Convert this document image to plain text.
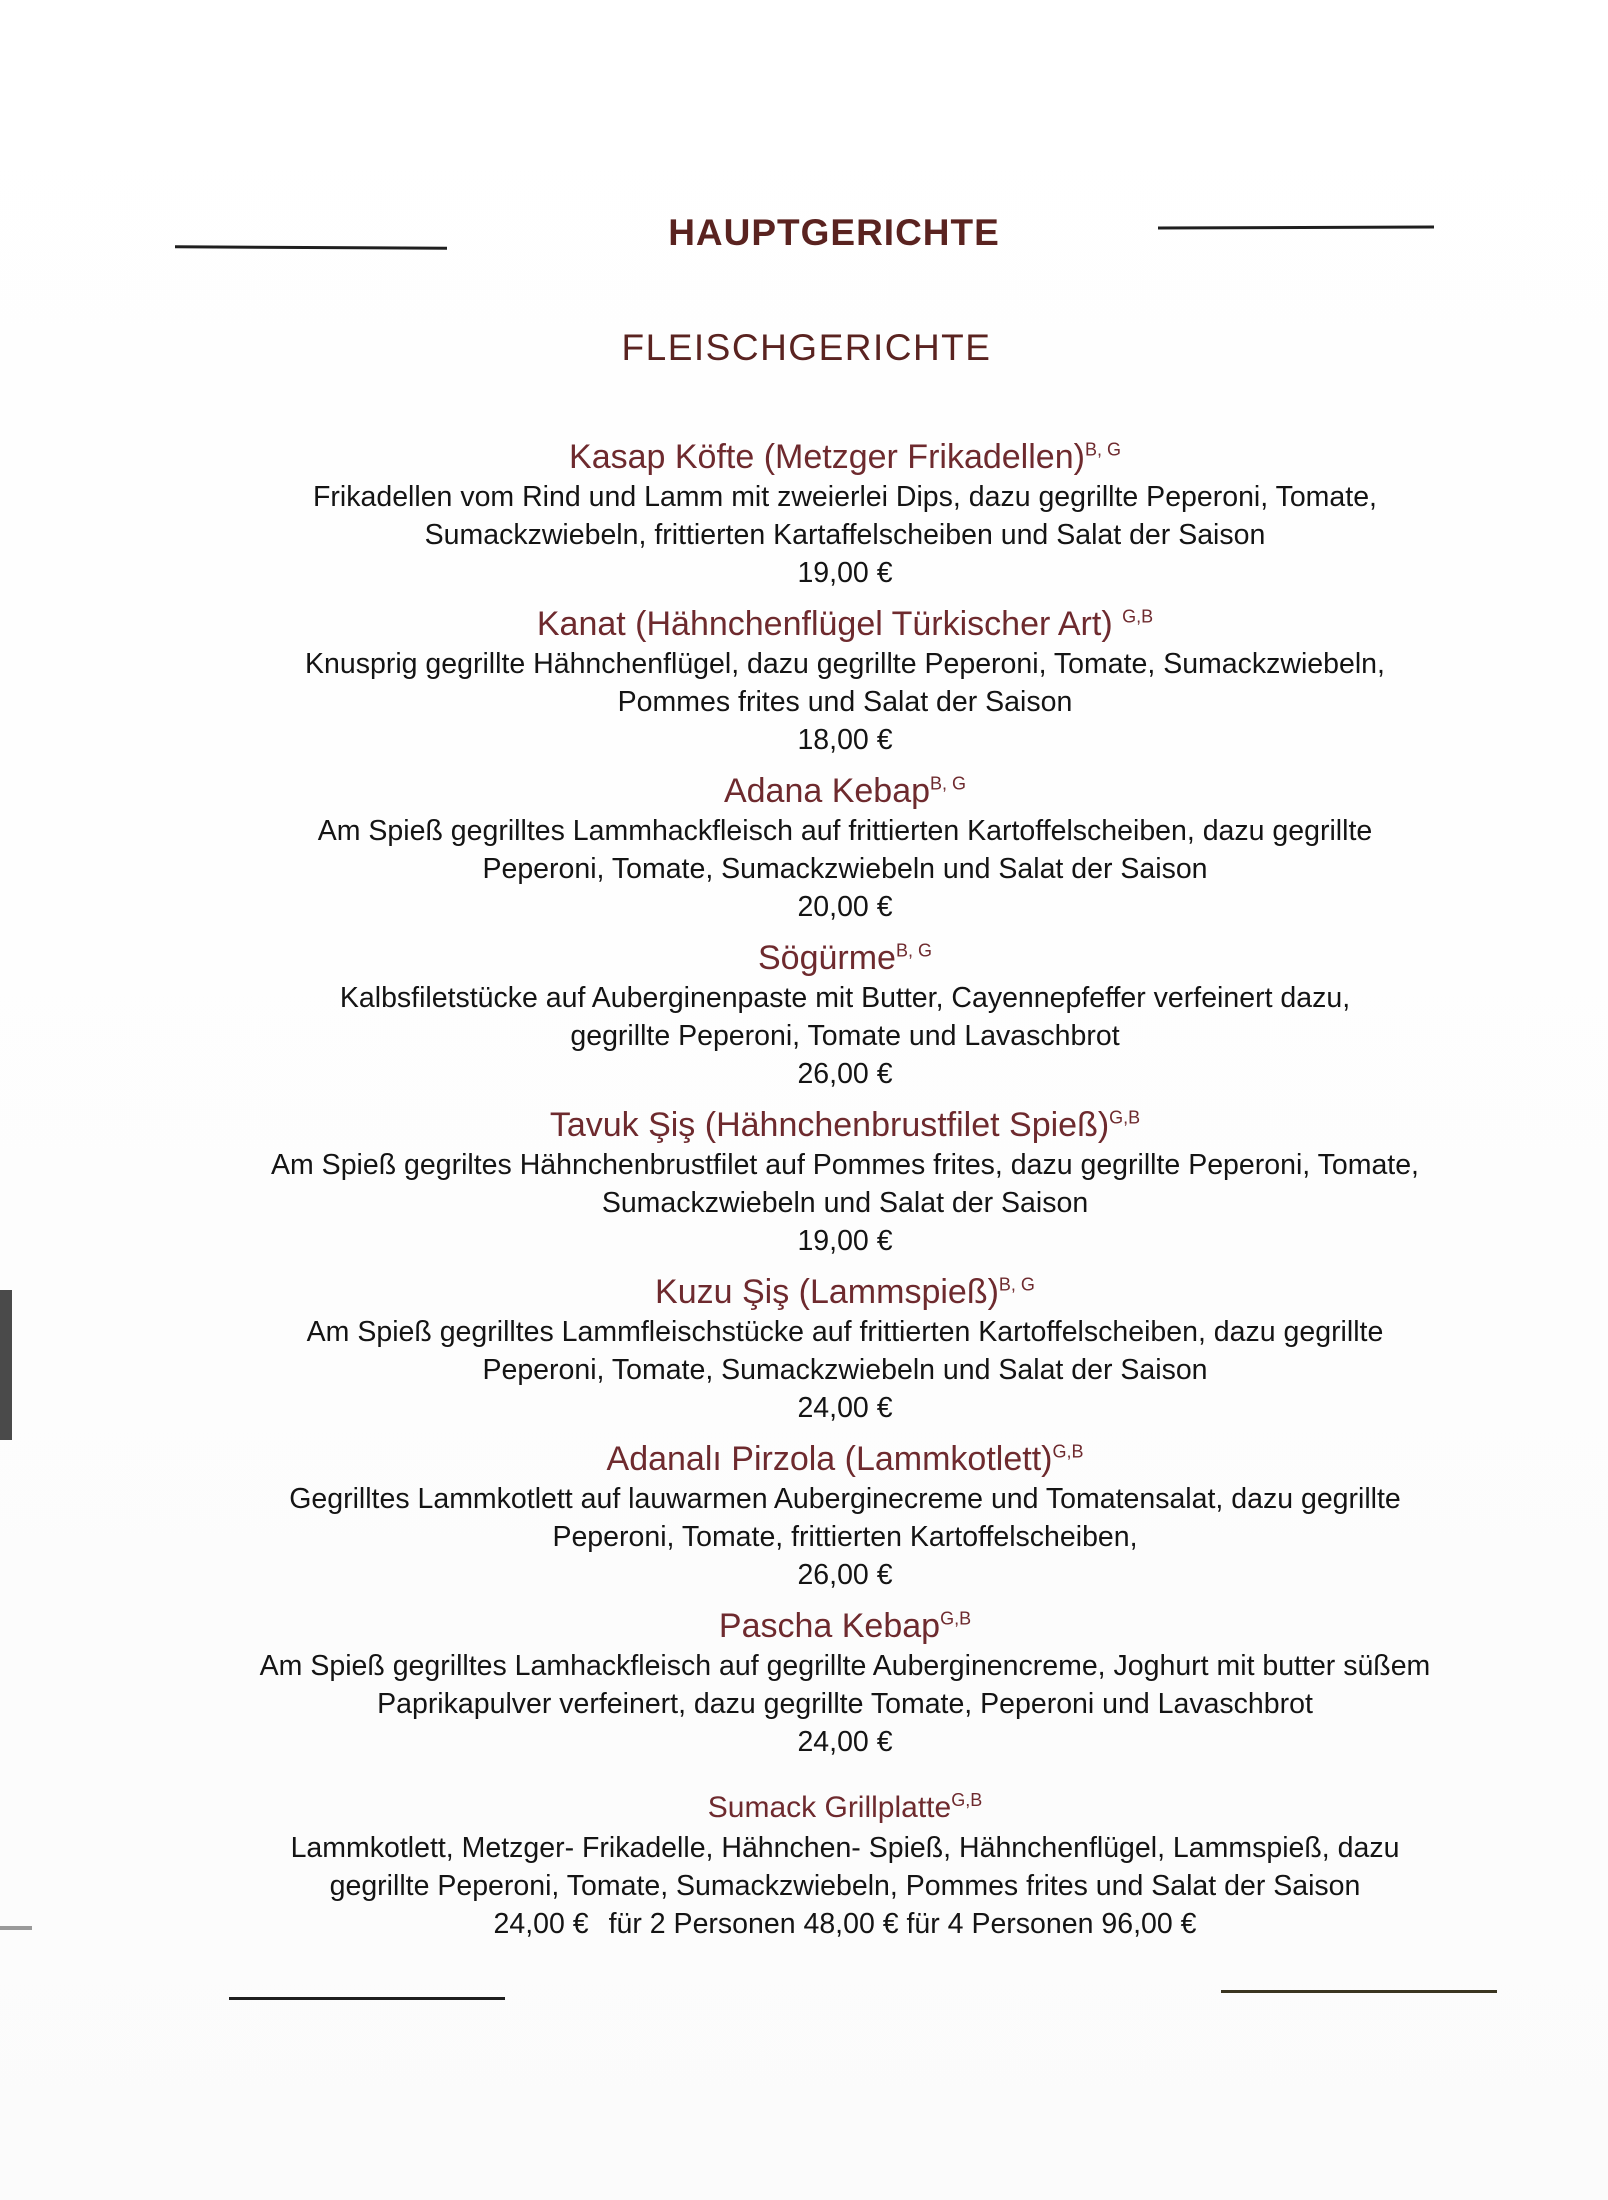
HAUPTGERICHTE
FLEISCHGERICHTE
Kasap Köfte (Metzger Frikadellen)$^{B, G}$
Frikadellen vom Rind und Lamm mit zweierlei Dips, dazu gegrillte Peperoni, Tomate,
Sumackzwiebeln, frittierten Kartaffelscheiben und Salat der Saison
19,00 €
Kanat (Hähnchenflügel Türkischer Art) $^{G,B}$
Knusprig gegrillte Hähnchenflügel, dazu gegrillte Peperoni, Tomate, Sumackzwiebeln,
Pommes frites und Salat der Saison
18,00 €
Adana Kebap$^{B, G}$
Am Spieß gegrilltes Lammhackfleisch auf frittierten Kartoffelscheiben, dazu gegrillte
Peperoni, Tomate, Sumackzwiebeln und Salat der Saison
20,00 €
Sögürme$^{B, G}$
Kalbsfiletstücke auf Auberginenpaste mit Butter, Cayennepfeffer verfeinert dazu,
gegrillte Peperoni, Tomate und Lavaschbrot
26,00 €
Tavuk Şiş (Hähnchenbrustfilet Spieß)$^{G,B}$
Am Spieß gegriltes Hähnchenbrustfilet auf Pommes frites, dazu gegrillte Peperoni, Tomate,
Sumackzwiebeln und Salat der Saison
19,00 €
Kuzu Şiş (Lammspieß)$^{B, G}$
Am Spieß gegrilltes Lammfleischstücke auf frittierten Kartoffelscheiben, dazu gegrillte
Peperoni, Tomate, Sumackzwiebeln und Salat der Saison
24,00 €
Adanalı Pirzola (Lammkotlett)$^{G,B}$
Gegrilltes Lammkotlett auf lauwarmen Auberginecreme und Tomatensalat, dazu gegrillte
Peperoni, Tomate, frittierten Kartoffelscheiben,
26,00 €
Pascha Kebap$^{G,B}$
Am Spieß gegrilltes Lamhackfleisch auf gegrillte Auberginencreme, Joghurt mit butter süßem
Paprikapulver verfeinert, dazu gegrillte Tomate, Peperoni und Lavaschbrot
24,00 €
Sumack Grillplatte$^{G,B}$
Lammkotlett, Metzger- Frikadelle, Hähnchen- Spieß, Hähnchenflügel, Lammspieß, dazu
gegrillte Peperoni, Tomate, Sumackzwiebeln, Pommes frites und Salat der Saison
24,00 € für 2 Personen 48,00 € für 4 Personen 96,00 €
